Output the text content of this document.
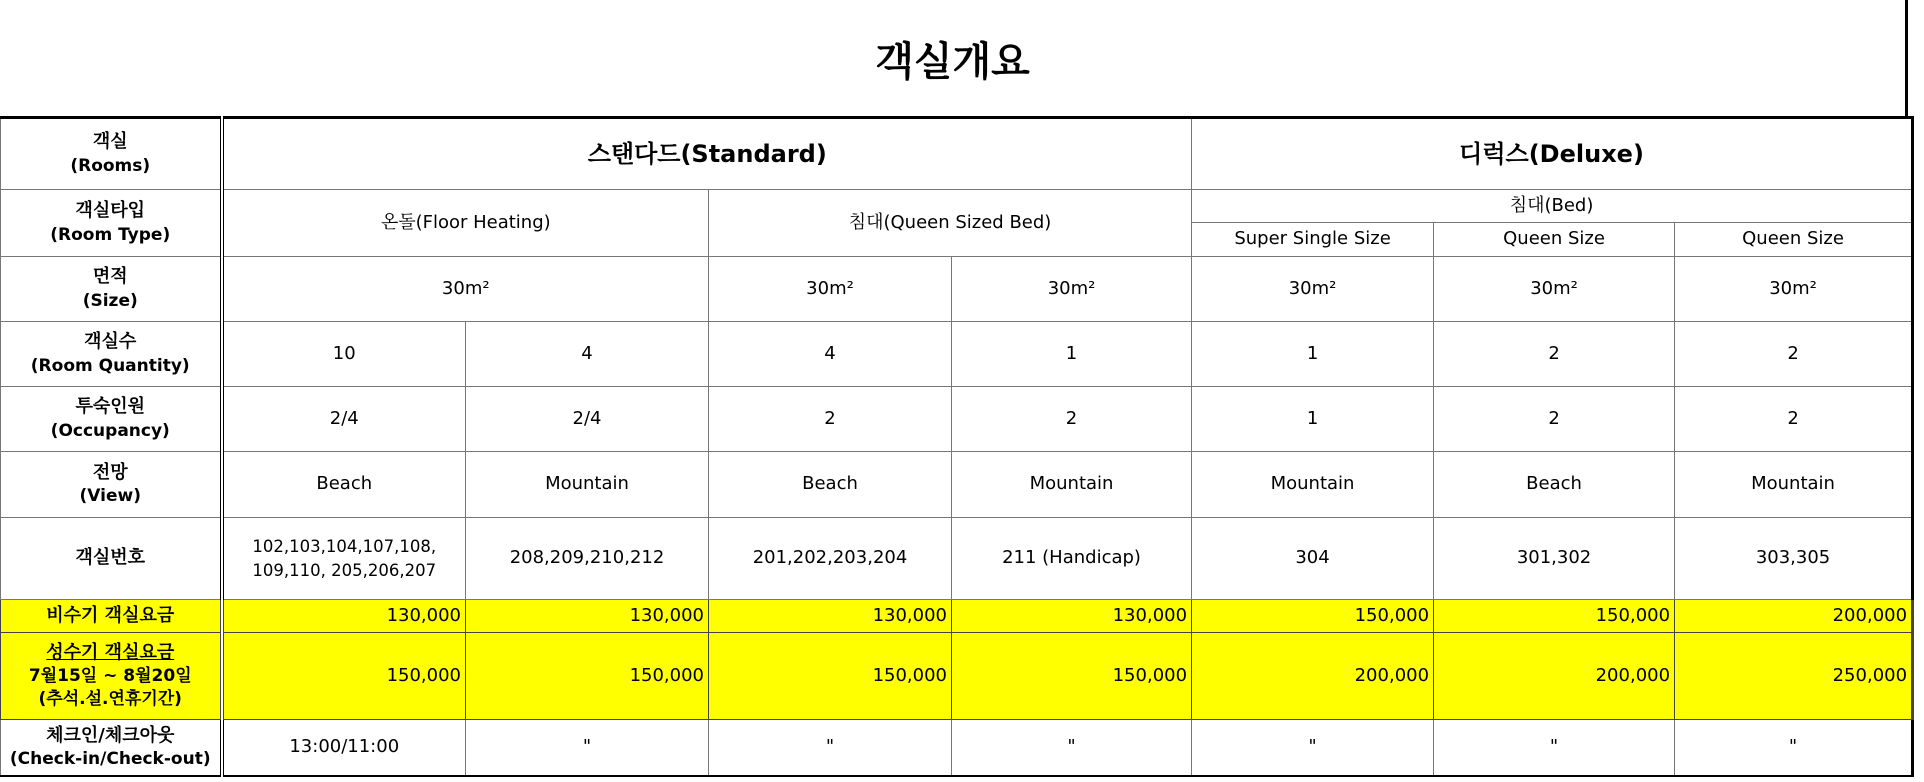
객실개요
객실
(Rooms)	스탠다드(Standard)				디럭스(Deluxe)		
객실타입
(Room Type)	온돌(Floor Heating)		침대(Queen Sized Bed)		침대(Bed)		
					Super Single Size	Queen Size	Queen Size
면적
(Size)	30m²		30m²	30m²	30m²	30m²	30m²
객실수
(Room Quantity)	10	4	4	1	1	2	2
투숙인원
(Occupancy)	2/4	2/4	2	2	1	2	2
전망
(View)	Beach	Mountain	Beach	Mountain	Mountain	Beach	Mountain
객실번호	102,103,104,107,108, 109,110, 205,206,207	208,209,210,212	201,202,203,204	211 (Handicap)	304	301,302	303,305
비수기 객실요금	130,000	130,000	130,000	130,000	150,000	150,000	200,000

성수기 객실요금
7월15일 ~ 8월20일
(추석.설.연휴기간)	150,000	150,000	150,000	150,000	200,000	200,000	250,000
체크인/체크아웃
(Check-in/Check-out)	13:00/11:00	"	"	"	"	"	"
